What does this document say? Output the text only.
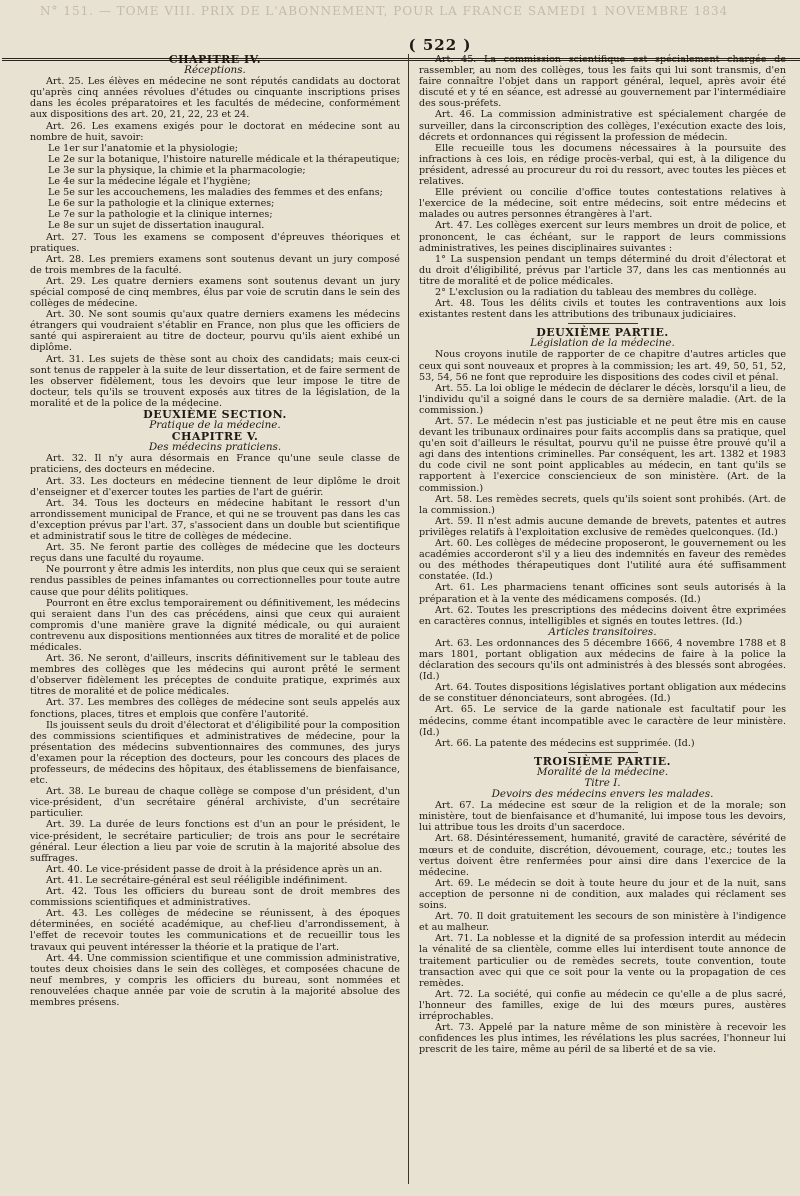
N° 151. — TOME VIII. PRIX DE L'ABONNEMENT, POUR LA FRANCE SAMEDI 1 NOVEMBRE 1834
( 522 )

CHAPITRE IV.

Réceptions.

Art. 25. Les élèves en médecine ne sont réputés candidats au doctorat qu'après cinq années révolues d'études ou cinquante inscriptions prises dans les écoles préparatoires et les facultés de médecine, conformément aux dispositions des art. 20, 21, 22, 23 et 24.

Art. 26. Les examens exigés pour le doctorat en médecine sont au nombre de huit, savoir:

Le 1er sur l'anatomie et la physiologie;

Le 2e sur la botanique, l'histoire naturelle médicale et la thérapeutique;

Le 3e sur la physique, la chimie et la pharmacologie;

Le 4e sur la médecine légale et l'hygiène;

Le 5e sur les accouchemens, les maladies des femmes et des enfans;

Le 6e sur la pathologie et la clinique externes;

Le 7e sur la pathologie et la clinique internes;

Le 8e sur un sujet de dissertation inaugural.

Art. 27. Tous les examens se composent d'épreuves théoriques et pratiques.

Art. 28. Les premiers examens sont soutenus devant un jury composé de trois membres de la faculté.

Art. 29. Les quatre derniers examens sont soutenus devant un jury spécial composé de cinq membres, élus par voie de scrutin dans le sein des collèges de médecine.

Art. 30. Ne sont soumis qu'aux quatre derniers examens les médecins étrangers qui voudraient s'établir en France, non plus que les officiers de santé qui aspireraient au titre de docteur, pourvu qu'ils aient exhibé un diplôme.

Art. 31. Les sujets de thèse sont au choix des candidats; mais ceux-ci sont tenus de rappeler à la suite de leur dissertation, et de faire serment de les observer fidèlement, tous les devoirs que leur impose le titre de docteur, tels qu'ils se trouvent exposés aux titres de la législation, de la moralité et de la police de la médecine.

DEUXIÈME SECTION.

Pratique de la médecine.

CHAPITRE V.

Des médecins praticiens.

Art. 32. Il n'y aura désormais en France qu'une seule classe de praticiens, des docteurs en médecine.

Art. 33. Les docteurs en médecine tiennent de leur diplôme le droit d'enseigner et d'exercer toutes les parties de l'art de guérir.

Art. 34. Tous les docteurs en médecine habitant le ressort d'un arrondissement municipal de France, et qui ne se trouvent pas dans les cas d'exception prévus par l'art. 37, s'associent dans un double but scientifique et administratif sous le titre de collèges de médecine.

Art. 35. Ne feront partie des collèges de médecine que les docteurs reçus dans une faculté du royaume.

Ne pourront y être admis les interdits, non plus que ceux qui se seraient rendus passibles de peines infamantes ou correctionnelles pour toute autre cause que pour délits politiques.

Pourront en être exclus temporairement ou définitivement, les médecins qui seraient dans l'un des cas précédens, ainsi que ceux qui auraient compromis d'une manière grave la dignité médicale, ou qui auraient contrevenu aux dispositions mentionnées aux titres de moralité et de police médicales.

Art. 36. Ne seront, d'ailleurs, inscrits définitivement sur le tableau des membres des collèges que les médecins qui auront prêté le serment d'observer fidèlement les préceptes de conduite pratique, exprimés aux titres de moralité et de police médicales.

Art. 37. Les membres des collèges de médecine sont seuls appelés aux fonctions, places, titres et emplois que confère l'autorité.

Ils jouissent seuls du droit d'électorat et d'éligibilité pour la composition des commissions scientifiques et administratives de médecine, pour la présentation des médecins subventionnaires des communes, des jurys d'examen pour la réception des docteurs, pour les concours des places de professeurs, de médecins des hôpitaux, des établissemens de bienfaisance, etc.

Art. 38. Le bureau de chaque collège se compose d'un président, d'un vice-président, d'un secrétaire général archiviste, d'un secrétaire particulier.

Art. 39. La durée de leurs fonctions est d'un an pour le président, le vice-président, le secrétaire particulier; de trois ans pour le secrétaire général. Leur élection a lieu par voie de scrutin à la majorité absolue des suffrages.

Art. 40. Le vice-président passe de droit à la présidence après un an.

Art. 41. Le secrétaire-général est seul rééligible indéfiniment.

Art. 42. Tous les officiers du bureau sont de droit membres des commissions scientifiques et administratives.

Art. 43. Les collèges de médecine se réunissent, à des époques déterminées, en société académique, au chef-lieu d'arrondissement, à l'effet de recevoir toutes les communications et de recueillir tous les travaux qui peuvent intéresser la théorie et la pratique de l'art.

Art. 44. Une commission scientifique et une commission administrative, toutes deux choisies dans le sein des collèges, et composées chacune de neuf membres, y compris les officiers du bureau, sont nommées et renouvelées chaque année par voie de scrutin à la majorité absolue des membres présens.

Art. 45. La commission scientifique est spécialement chargée de rassembler, au nom des collèges, tous les faits qui lui sont transmis, d'en faire connaître l'objet dans un rapport général, lequel, après avoir été discuté et y té en séance, est adressé au gouvernement par l'intermédiaire des sous-préfets.

Art. 46. La commission administrative est spécialement chargée de surveiller, dans la circonscription des collèges, l'exécution exacte des lois, décrets et ordonnances qui régissent la profession de médecin.

Elle recueille tous les documens nécessaires à la poursuite des infractions à ces lois, en rédige procès-verbal, qui est, à la diligence du président, adressé au procureur du roi du ressort, avec toutes les pièces et relatives.

Elle prévient ou concilie d'office toutes contestations relatives à l'exercice de la médecine, soit entre médecins, soit entre médecins et malades ou autres personnes étrangères à l'art.

Art. 47. Les collèges exercent sur leurs membres un droit de police, et prononcent, le cas échéant, sur le rapport de leurs commissions administratives, les peines disciplinaires suivantes :

1° La suspension pendant un temps déterminé du droit d'électorat et du droit d'éligibilité, prévus par l'article 37, dans les cas mentionnés au titre de moralité et de police médicales.

2° L'exclusion ou la radiation du tableau des membres du collège.

Art. 48. Tous les délits civils et toutes les contraventions aux lois existantes restent dans les attributions des tribunaux judiciaires.

DEUXIÈME PARTIE.

Législation de la médecine.

Nous croyons inutile de rapporter de ce chapitre d'autres articles que ceux qui sont nouveaux et propres à la commission; les art. 49, 50, 51, 52, 53, 54, 56 ne font que reproduire les dispositions des codes civil et pénal.

Art. 55. La loi oblige le médecin de déclarer le décès, lorsqu'il a lieu, de l'individu qu'il a soigné dans le cours de sa dernière maladie. (Art. de la commission.)

Art. 57. Le médecin n'est pas justiciable et ne peut être mis en cause devant les tribunaux ordinaires pour faits accomplis dans sa pratique, quel qu'en soit d'ailleurs le résultat, pourvu qu'il ne puisse être prouvé qu'il a agi dans des intentions criminelles. Par conséquent, les art. 1382 et 1983 du code civil ne sont point applicables au médecin, en tant qu'ils se rapportent à l'exercice consciencieux de son ministère. (Art. de la commission.)

Art. 58. Les remèdes secrets, quels qu'ils soient sont prohibés. (Art. de la commission.)

Art. 59. Il n'est admis aucune demande de brevets, patentes et autres privilèges relatifs à l'exploitation exclusive de remèdes quelconques. (Id.)

Art. 60. Les collèges de médecine proposeront, le gouvernement ou les académies accorderont s'il y a lieu des indemnités en faveur des remèdes ou des méthodes thérapeutiques dont l'utilité aura été suffisamment constatée. (Id.)

Art. 61. Les pharmaciens tenant officines sont seuls autorisés à la préparation et à la vente des médicamens composés. (Id.)

Art. 62. Toutes les prescriptions des médecins doivent être exprimées en caractères connus, intelligibles et signés en toutes lettres. (Id.)

Articles transitoires.

Art. 63. Les ordonnances des 5 décembre 1666, 4 novembre 1788 et 8 mars 1801, portant obligation aux médecins de faire à la police la déclaration des secours qu'ils ont administrés à des blessés sont abrogées. (Id.)

Art. 64. Toutes dispositions législatives portant obligation aux médecins de se constituer dénonciateurs, sont abrogées. (Id.)

Art. 65. Le service de la garde nationale est facultatif pour les médecins, comme étant incompatible avec le caractère de leur ministère. (Id.)

Art. 66. La patente des médecins est supprimée. (Id.)

TROISIÈME PARTIE.

Moralité de la médecine.

Titre I.

Devoirs des médecins envers les malades.

Art. 67. La médecine est sœur de la religion et de la morale; son ministère, tout de bienfaisance et d'humanité, lui impose tous les devoirs, lui attribue tous les droits d'un sacerdoce.

Art. 68. Désintéressement, humanité, gravité de caractère, sévérité de mœurs et de conduite, discrétion, dévouement, courage, etc.; toutes les vertus doivent être renfermées pour ainsi dire dans l'exercice de la médecine.

Art. 69. Le médecin se doit à toute heure du jour et de la nuit, sans acception de personne ni de condition, aux malades qui réclament ses soins.

Art. 70. Il doit gratuitement les secours de son ministère à l'indigence et au malheur.

Art. 71. La noblesse et la dignité de sa profession interdit au médecin la vénalité de sa clientèle, comme elles lui interdisent toute annonce de traitement particulier ou de remèdes secrets, toute convention, toute transaction avec qui que ce soit pour la vente ou la propagation de ces remèdes.

Art. 72. La société, qui confie au médecin ce qu'elle a de plus sacré, l'honneur des familles, exige de lui des mœurs pures, austères irréprochables.

Art. 73. Appelé par la nature même de son ministère à recevoir les confidences les plus intimes, les révélations les plus sacrées, l'honneur lui prescrit de les taire, même au péril de sa liberté et de sa vie.
